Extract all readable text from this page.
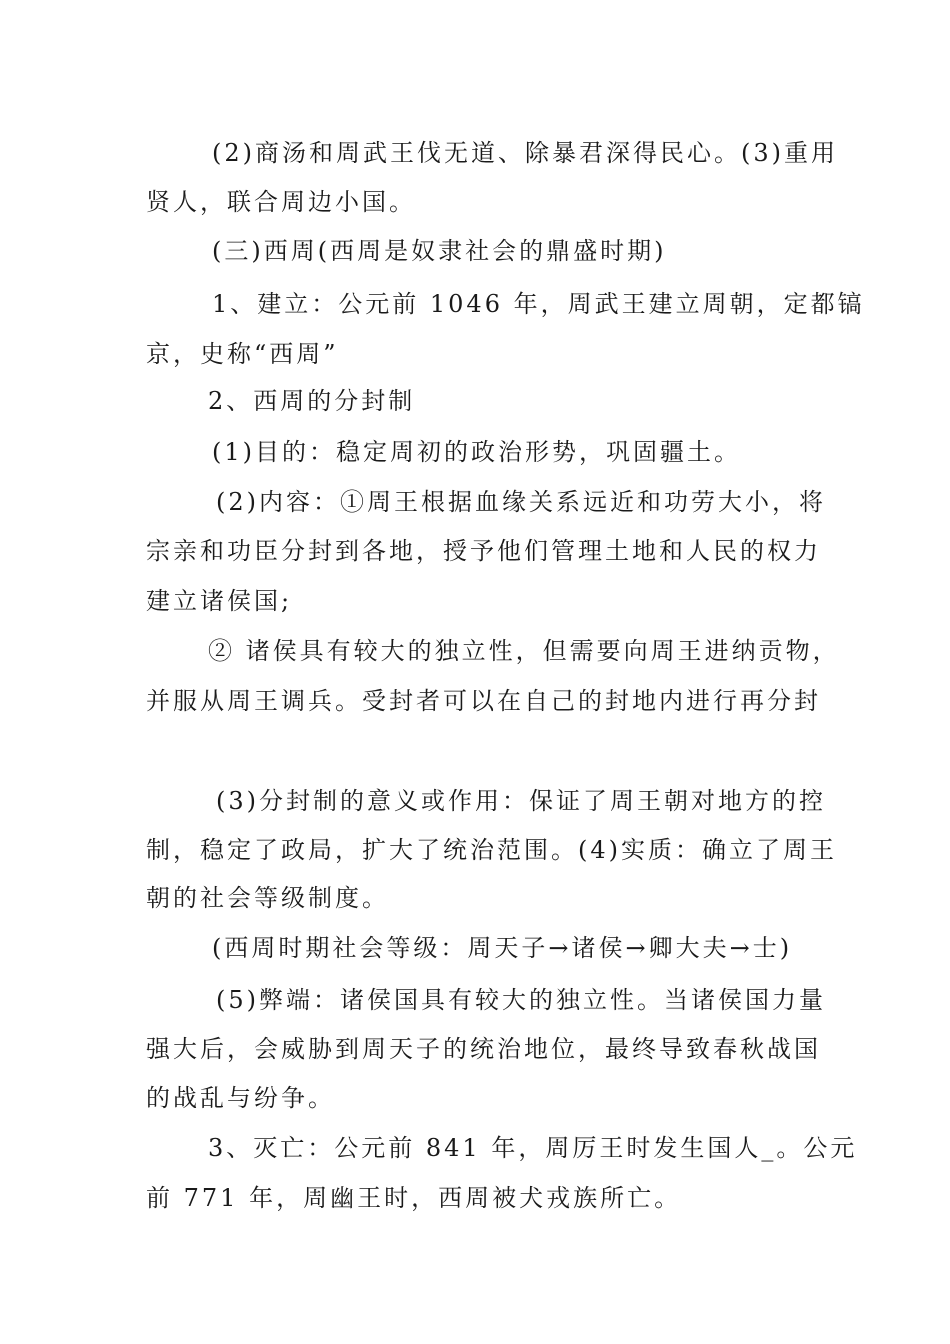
(2)商汤和周武王伐无道、除暴君深得民心。(3)重用
贤人，联合周边小国。
(三)西周(西周是奴隶社会的鼎盛时期)
1、建立：公元前 1046 年，周武王建立周朝，定都镐
京，史称“西周”
2、西周的分封制
(1)目的：稳定周初的政治形势，巩固疆土。
(2)内容：①周王根据血缘关系远近和功劳大小，将
宗亲和功臣分封到各地，授予他们管理土地和人民的权力
建立诸侯国;
② 诸侯具有较大的独立性，但需要向周王进纳贡物，
并服从周王调兵。受封者可以在自己的封地内进行再分封
(3)分封制的意义或作用：保证了周王朝对地方的控
制，稳定了政局，扩大了统治范围。(4)实质：确立了周王
朝的社会等级制度。
(西周时期社会等级：周天子→诸侯→卿大夫→士)
(5)弊端：诸侯国具有较大的独立性。当诸侯国力量
强大后，会威胁到周天子的统治地位，最终导致春秋战国
的战乱与纷争。
3、灭亡：公元前 841 年，周厉王时发生国人_。公元
前 771 年，周幽王时，西周被犬戎族所亡。
